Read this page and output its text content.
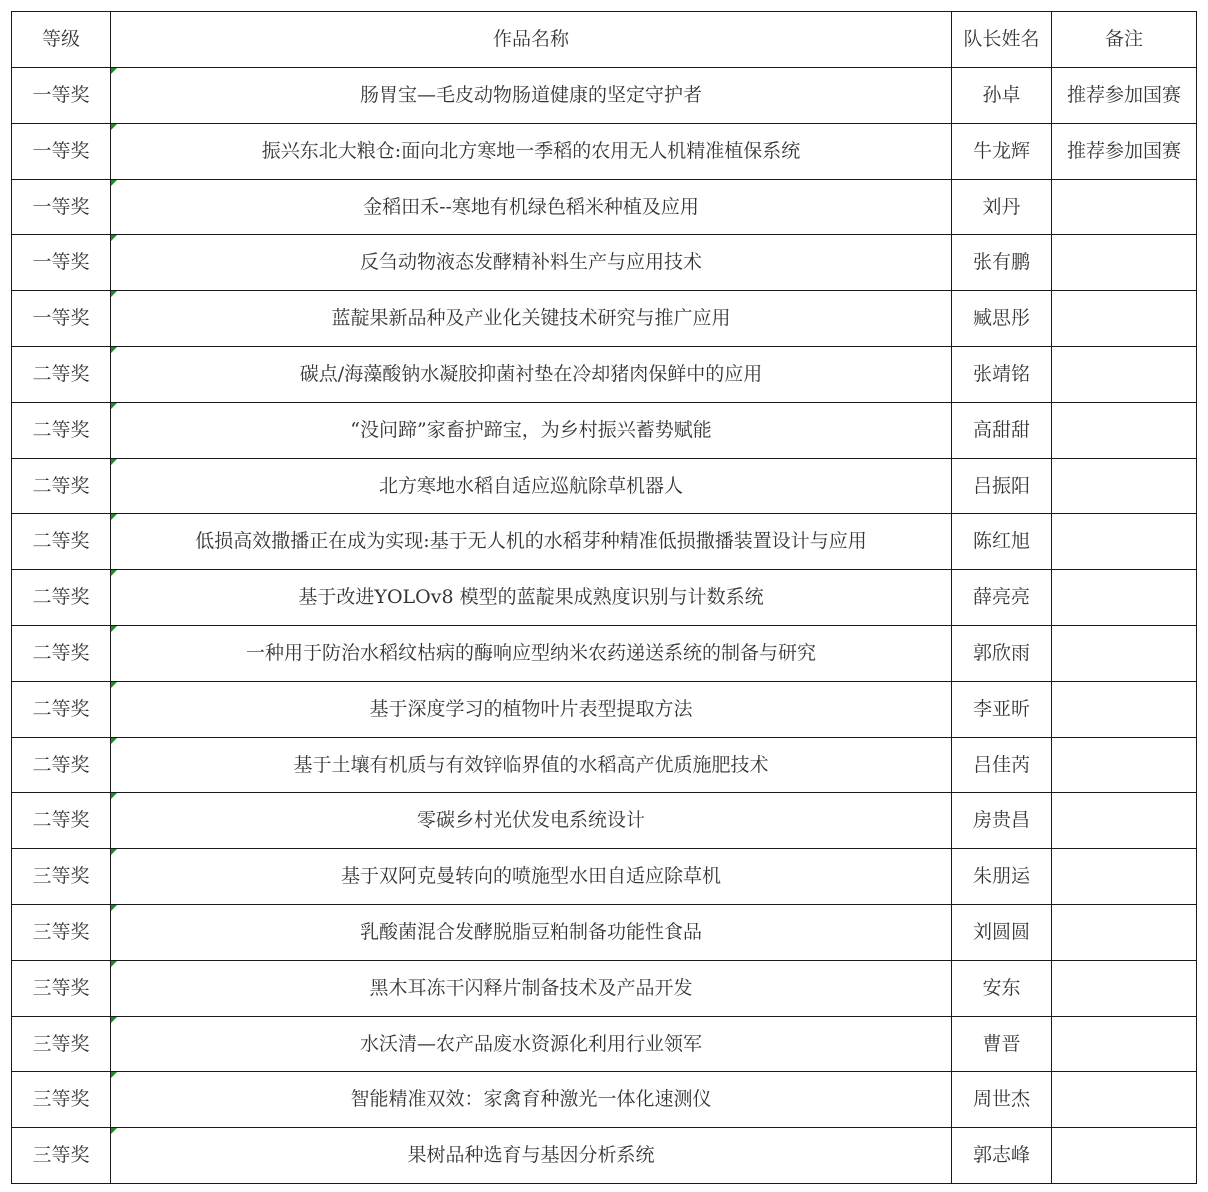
等级	作品名称	队长姓名	备注
一等奖	肠胃宝—毛皮动物肠道健康的坚定守护者	孙卓	推荐参加国赛
一等奖	振兴东北大粮仓:面向北方寒地一季稻的农用无人机精准植保系统	牛龙辉	推荐参加国赛
一等奖	金稻田禾--寒地有机绿色稻米种植及应用	刘丹	
一等奖	反刍动物液态发酵精补料生产与应用技术	张有鹏	
一等奖	蓝靛果新品种及产业化关键技术研究与推广应用	臧思彤	
二等奖	碳点/海藻酸钠水凝胶抑菌衬垫在冷却猪肉保鲜中的应用	张靖铭	
二等奖	“没问蹄”家畜护蹄宝，为乡村振兴蓄势赋能	高甜甜	
二等奖	北方寒地水稻自适应巡航除草机器人	吕振阳	
二等奖	低损高效撒播正在成为实现:基于无人机的水稻芽种精准低损撒播装置设计与应用	陈红旭	
二等奖	基于改进YOLOv8 模型的蓝靛果成熟度识别与计数系统	薛亮亮	
二等奖	一种用于防治水稻纹枯病的酶响应型纳米农药递送系统的制备与研究	郭欣雨	
二等奖	基于深度学习的植物叶片表型提取方法	李亚昕	
二等奖	基于土壤有机质与有效锌临界值的水稻高产优质施肥技术	吕佳芮	
二等奖	零碳乡村光伏发电系统设计	房贵昌	
三等奖	基于双阿克曼转向的喷施型水田自适应除草机	朱朋运	
三等奖	乳酸菌混合发酵脱脂豆粕制备功能性食品	刘圆圆	
三等奖	黑木耳冻干闪释片制备技术及产品开发	安东	
三等奖	水沃清—农产品废水资源化利用行业领军	曹晋	
三等奖	智能精准双效：家禽育种激光一体化速测仪	周世杰	
三等奖	果树品种选育与基因分析系统	郭志峰	
